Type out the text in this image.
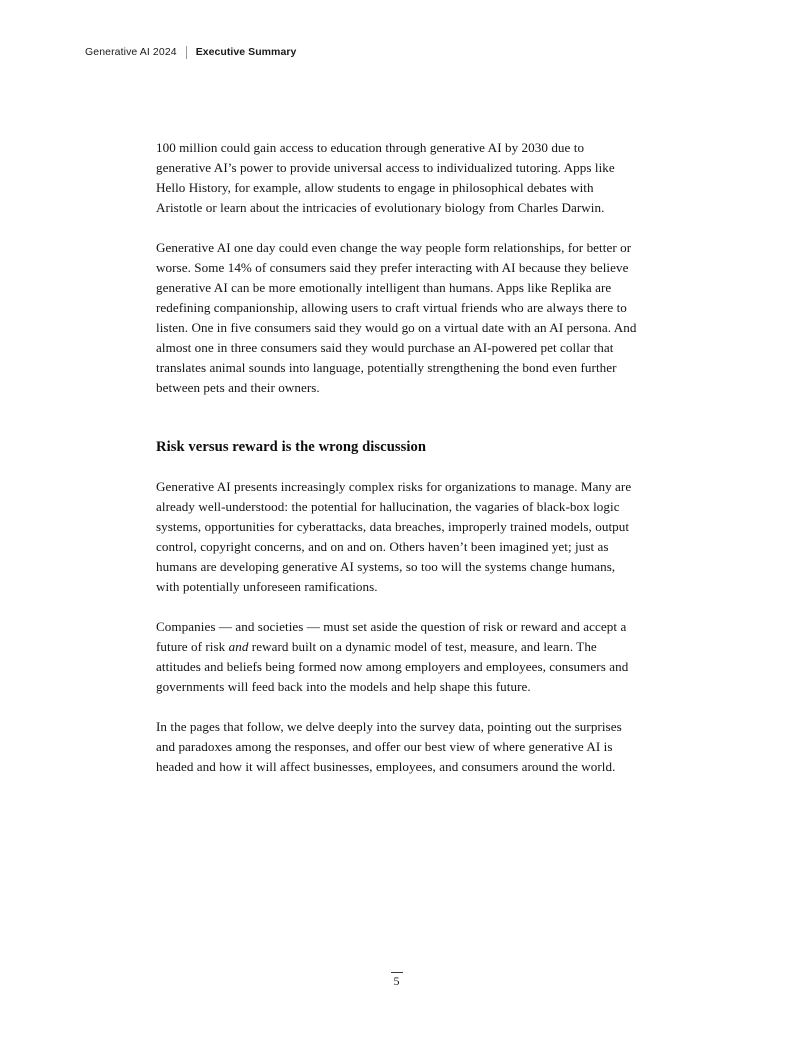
Generative AI 2024 Executive Summary

100 million could gain access to education through generative AI by 2030 due to generative AI’s power to provide universal access to individualized tutoring. Apps like Hello History, for example, allow students to engage in philosophical debates with Aristotle or learn about the intricacies of evolutionary biology from Charles Darwin.

Generative AI one day could even change the way people form relationships, for better or worse. Some 14% of consumers said they prefer interacting with AI because they believe generative AI can be more emotionally intelligent than humans. Apps like Replika are redefining companionship, allowing users to craft virtual friends who are always there to listen. One in five consumers said they would go on a virtual date with an AI persona. And almost one in three consumers said they would purchase an AI-powered pet collar that translates animal sounds into language, potentially strengthening the bond even further between pets and their owners.

Risk versus reward is the wrong discussion

Generative AI presents increasingly complex risks for organizations to manage. Many are already well-understood: the potential for hallucination, the vagaries of black-box logic systems, opportunities for cyberattacks, data breaches, improperly trained models, output control, copyright concerns, and on and on. Others haven’t been imagined yet; just as humans are developing generative AI systems, so too will the systems change humans, with potentially unforeseen ramifications.

Companies — and societies — must set aside the question of risk or reward and accept a future of risk and reward built on a dynamic model of test, measure, and learn. The attitudes and beliefs being formed now among employers and employees, consumers and governments will feed back into the models and help shape this future.

In the pages that follow, we delve deeply into the survey data, pointing out the surprises and paradoxes among the responses, and offer our best view of where generative AI is headed and how it will affect businesses, employees, and consumers around the world.

5
